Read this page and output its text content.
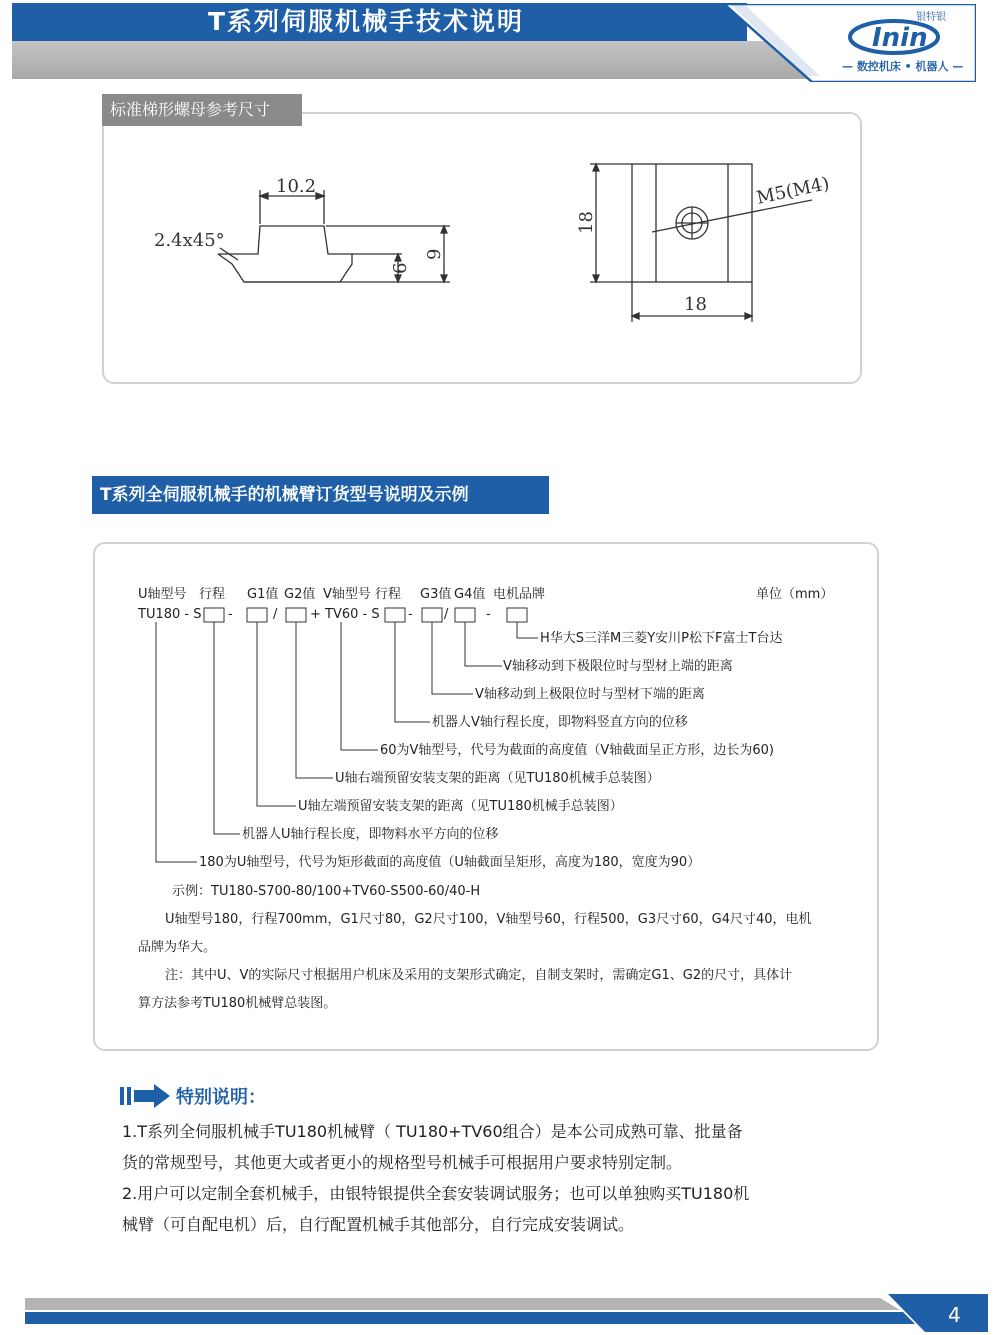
T系列伺服机械手技术说明
Inin
银特银
— 数控机床 • 机器人 —
标准梯形螺母参考尺寸
10.2
2.4x45°
6
9
18
18
M5(M4)
T系列全伺服机械手的机械臂订货型号说明及示例
U轴型号 行程 G1值 G2值 V轴型号 行程 G3值 G4值 电机品牌	单位（mm）
TU180 - S -	/	+ TV60 - S - /	-
H华大S三洋M三菱Y安川P松下F富士T台达
V轴移动到下极限位时与型材上端的距离
V轴移动到上极限位时与型材下端的距离
机器人V轴行程长度，即物料竖直方向的位移
60为V轴型号，代号为截面的高度值（V轴截面呈正方形，边长为60)
U轴右端预留安装支架的距离（见TU180机械手总装图）
U轴左端预留安装支架的距离（见TU180机械手总装图）
机器人U轴行程长度，即物料水平方向的位移
180为U轴型号，代号为矩形截面的高度值（U轴截面呈矩形，高度为180，宽度为90）
示例：TU180-S700-80/100+TV60-S500-60/40-H
U轴型号180，行程700mm，G1尺寸80，G2尺寸100，V轴型号60，行程500，G3尺寸60，G4尺寸40，电机
品牌为华大。
注：其中U、V的实际尺寸根据用户机床及采用的支架形式确定，自制支架时，需确定G1、G2的尺寸，具体计
算方法参考TU180机械臂总装图。
特别说明：
1.T系列全伺服机械手TU180机械臂（ TU180+TV60组合）是本公司成熟可靠、批量备
货的常规型号，其他更大或者更小的规格型号机械手可根据用户要求特别定制。
2.用户可以定制全套机械手，由银特银提供全套安装调试服务；也可以单独购买TU180机
械臂（可自配电机）后，自行配置机械手其他部分，自行完成安装调试。
4
